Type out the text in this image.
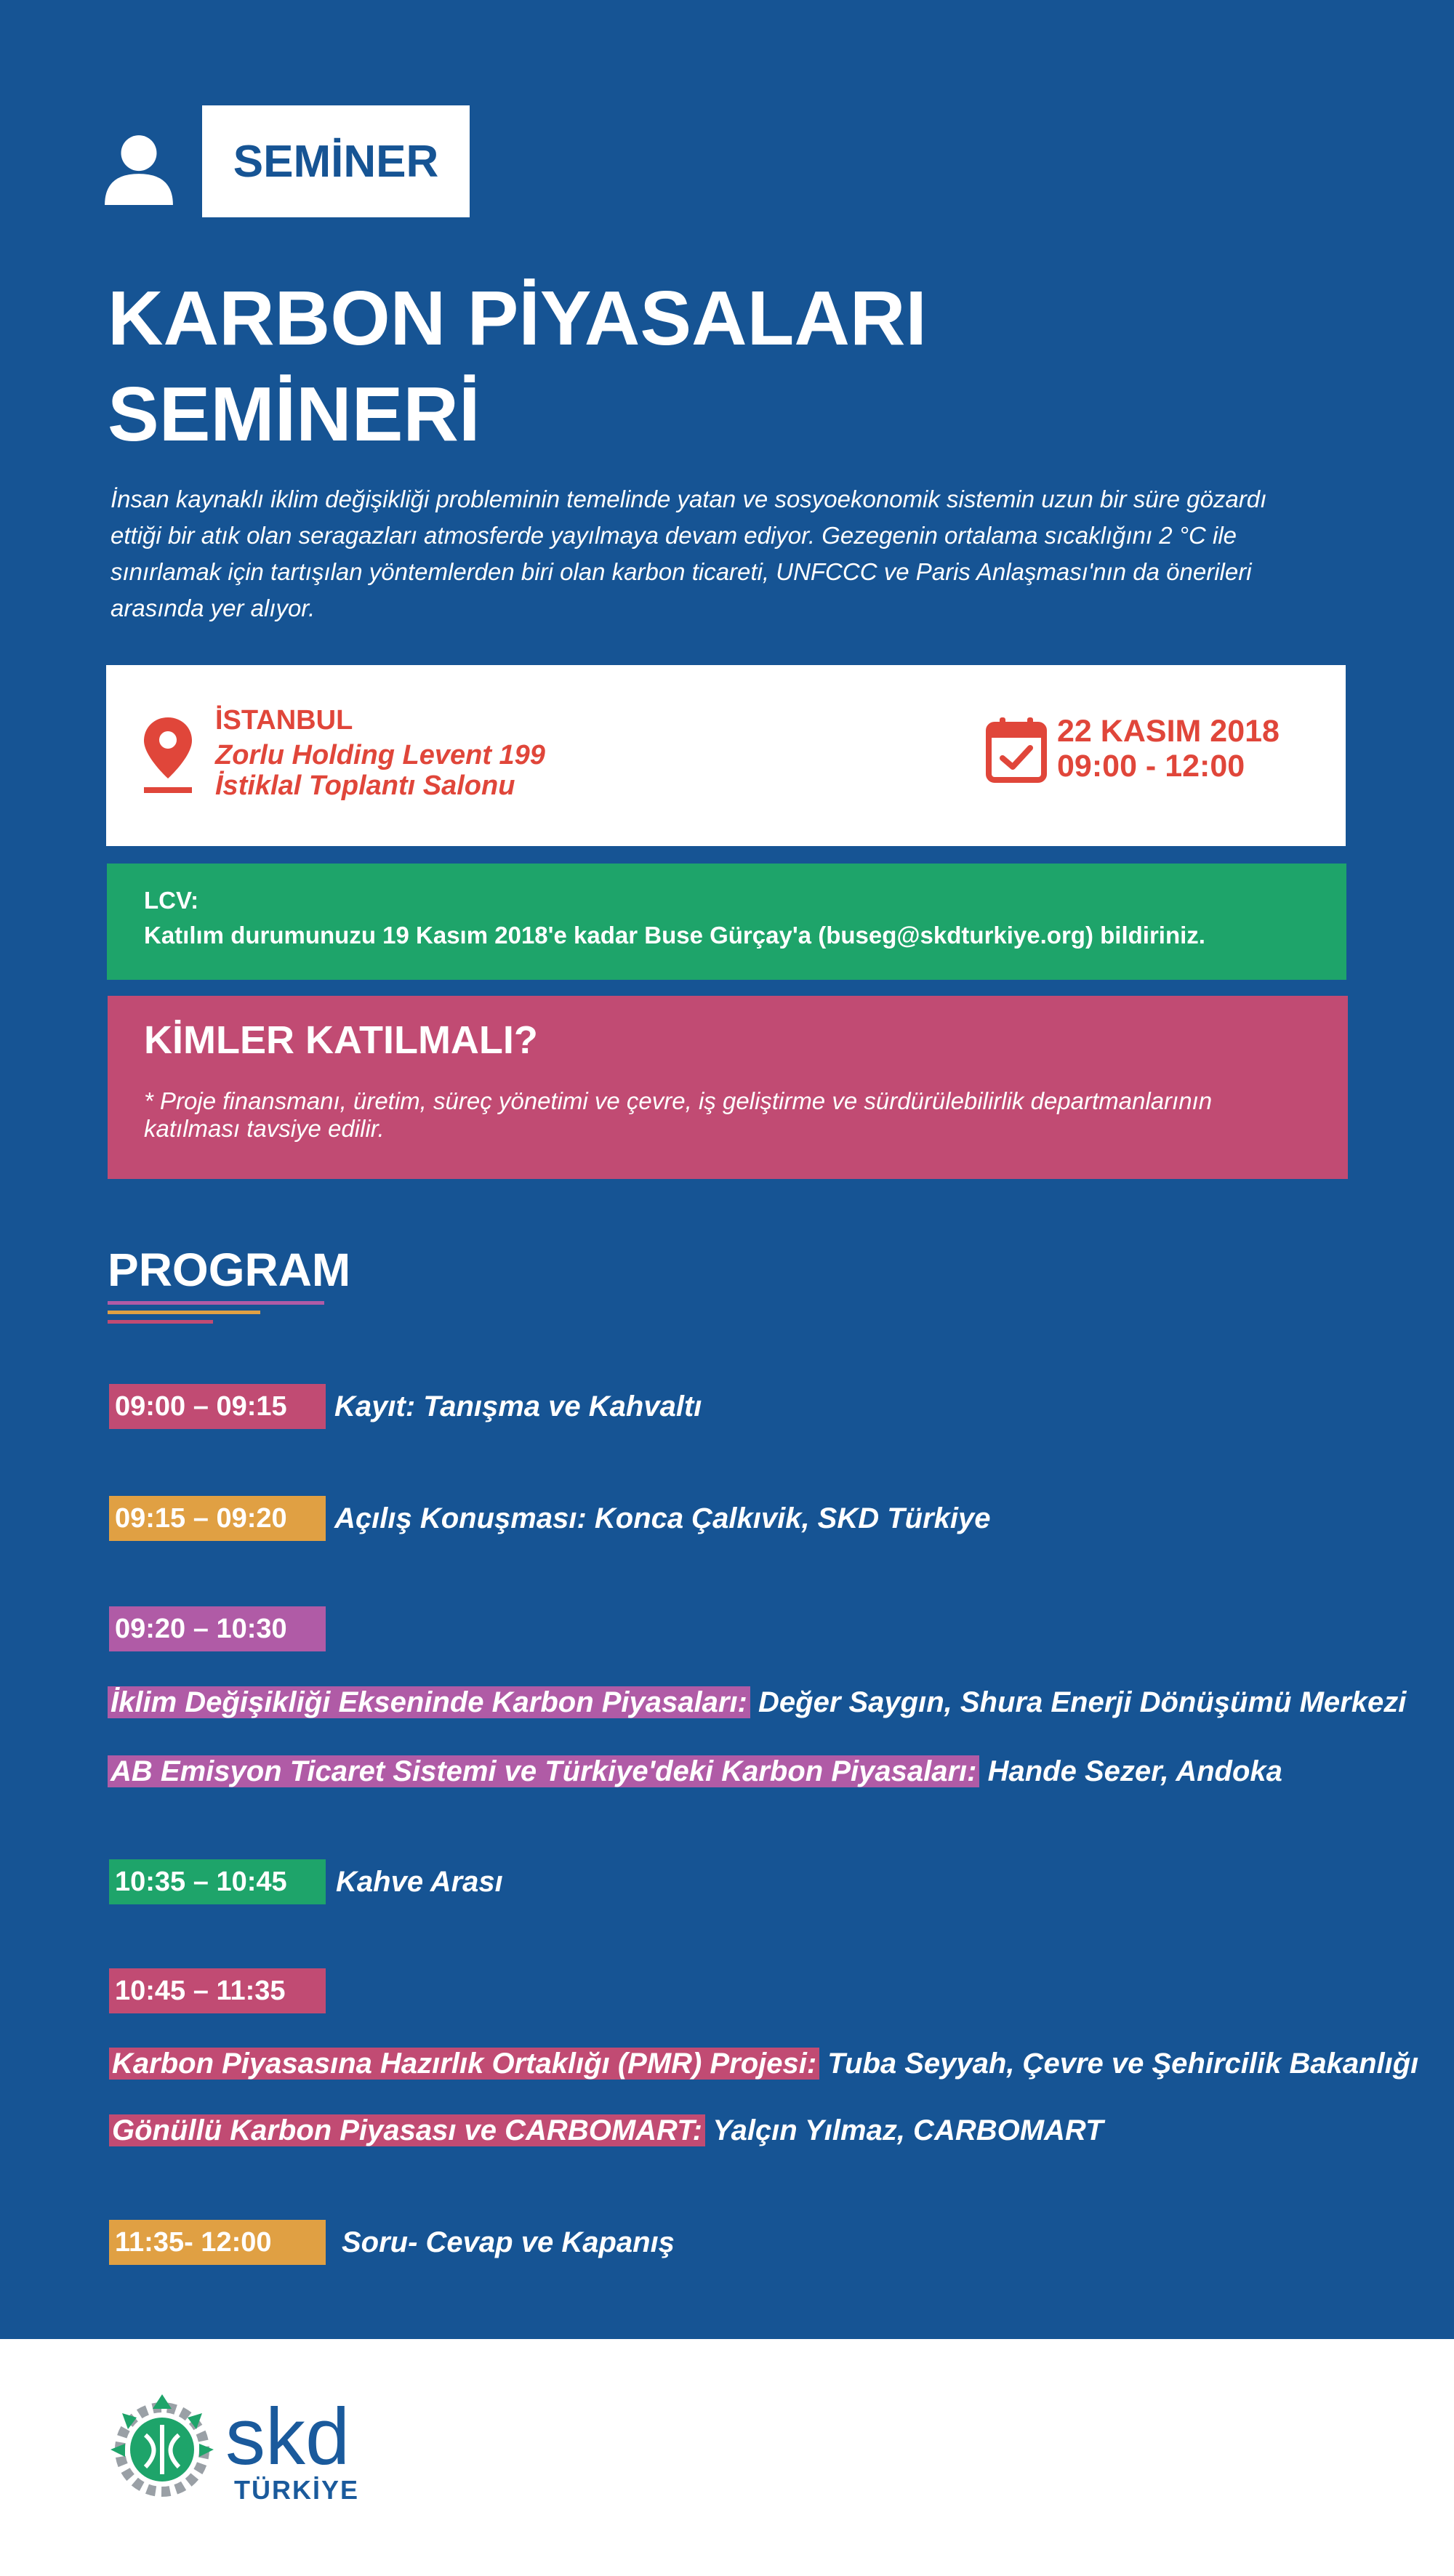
SEMİNER
KARBON PİYASALARI
SEMİNERİ
İnsan kaynaklı iklim değişikliği probleminin temelinde yatan ve sosyoekonomik sistemin uzun bir süre gözardı ettiği bir atık olan seragazları atmosferde yayılmaya devam ediyor. Gezegenin ortalama sıcaklığını 2 °C ile sınırlamak için tartışılan yöntemlerden biri olan karbon ticareti, UNFCCC ve Paris Anlaşması'nın da önerileri arasında yer alıyor.
İSTANBUL
Zorlu Holding Levent 199
İstiklal Toplantı Salonu
22 KASIM 2018
09:00 - 12:00
LCV:
Katılım durumunuzu 19 Kasım 2018'e kadar Buse Gürçay'a (buseg@skdturkiye.org) bildiriniz.
KİMLER KATILMALI?
* Proje finansmanı, üretim, süreç yönetimi ve çevre, iş geliştirme ve sürdürülebilirlik departmanlarının katılması tavsiye edilir.
PROGRAM
09:00 – 09:15	Kayıt: Tanışma ve Kahvaltı
09:15 – 09:20	Açılış Konuşması: Konca Çalkıvik, SKD Türkiye
09:20 – 10:30
İklim Değişikliği Ekseninde Karbon Piyasaları: Değer Saygın, Shura Enerji Dönüşümü Merkezi
AB Emisyon Ticaret Sistemi ve Türkiye'deki Karbon Piyasaları: Hande Sezer, Andoka
10:35 – 10:45	Kahve Arası
10:45 – 11:35
Karbon Piyasasına Hazırlık Ortaklığı (PMR) Projesi: Tuba Seyyah, Çevre ve Şehircilik Bakanlığı
Gönüllü Karbon Piyasası ve CARBOMART: Yalçın Yılmaz, CARBOMART
11:35- 12:00	Soru- Cevap ve Kapanış
skd
TÜRKİYE
